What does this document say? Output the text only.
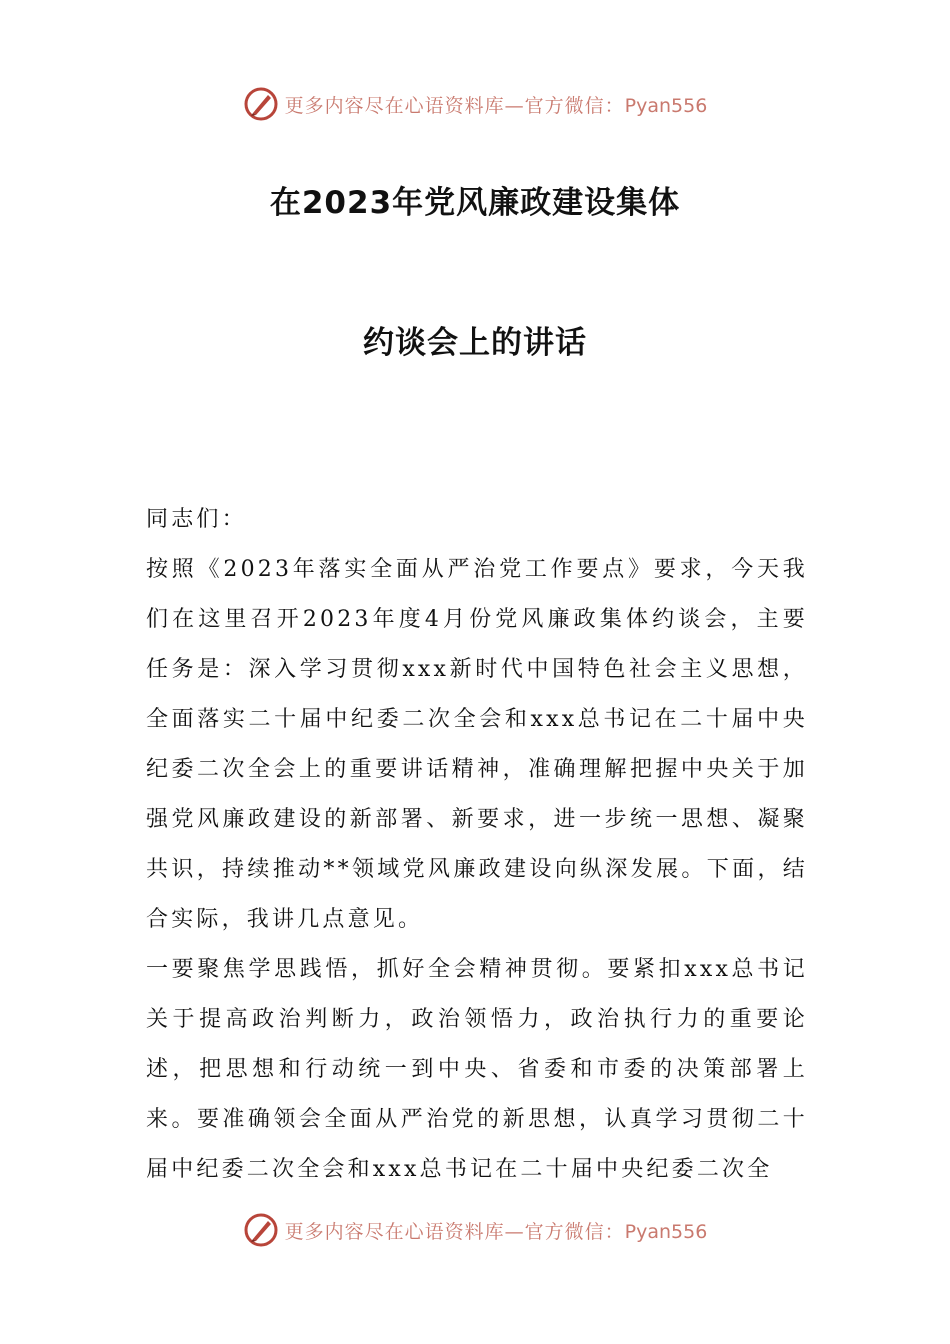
更多内容尽在心语资料库—官方微信：Pyan556
在2023年党风廉政建设集体
约谈会上的讲话

同志们：

按照《2023年落实全面从严治党工作要点》要求，今天我们在这里召开2023年度4月份党风廉政集体约谈会，主要任务是：深入学习贯彻xxx新时代中国特色社会主义思想，全面落实二十届中纪委二次全会和xxx总书记在二十届中央纪委二次全会上的重要讲话精神，准确理解把握中央关于加强党风廉政建设的新部署、新要求，进一步统一思想、凝聚共识，持续推动**领域党风廉政建设向纵深发展。下面，结合实际，我讲几点意见。

一要聚焦学思践悟，抓好全会精神贯彻。要紧扣xxx总书记关于提高政治判断力，政治领悟力，政治执行力的重要论述，把思想和行动统一到中央、省委和市委的决策部署上来。要准确领会全面从严治党的新思想，认真学习贯彻二十届中纪委二次全会和xxx总书记在二十届中央纪委二次全

更多内容尽在心语资料库—官方微信：Pyan556
